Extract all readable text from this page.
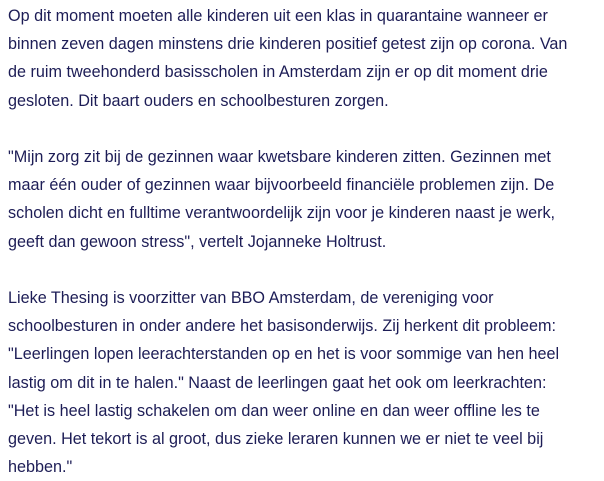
Op dit moment moeten alle kinderen uit een klas in quarantaine wanneer er
binnen zeven dagen minstens drie kinderen positief getest zijn op corona. Van
de ruim tweehonderd basisscholen in Amsterdam zijn er op dit moment drie
gesloten. Dit baart ouders en schoolbesturen zorgen.

"Mijn zorg zit bij de gezinnen waar kwetsbare kinderen zitten. Gezinnen met
maar één ouder of gezinnen waar bijvoorbeeld financiële problemen zijn. De
scholen dicht en fulltime verantwoordelijk zijn voor je kinderen naast je werk,
geeft dan gewoon stress", vertelt Jojanneke Holtrust.

Lieke Thesing is voorzitter van BBO Amsterdam, de vereniging voor
schoolbesturen in onder andere het basisonderwijs. Zij herkent dit probleem:
"Leerlingen lopen leerachterstanden op en het is voor sommige van hen heel
lastig om dit in te halen." Naast de leerlingen gaat het ook om leerkrachten:
"Het is heel lastig schakelen om dan weer online en dan weer offline les te
geven. Het tekort is al groot, dus zieke leraren kunnen we er niet te veel bij
hebben."
